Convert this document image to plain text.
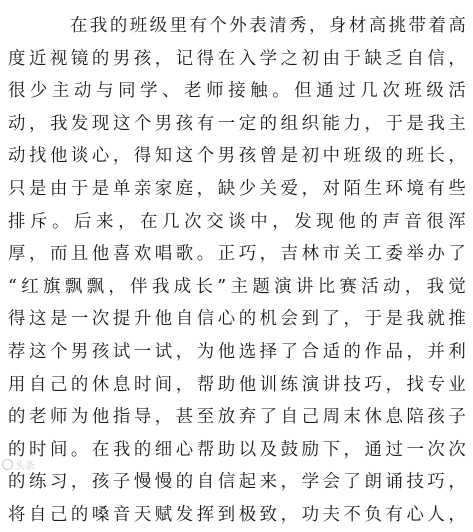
在我的班级里有个外表清秀，身材高挑带着高
度近视镜的男孩，记得在入学之初由于缺乏自信，
很少主动与同学、老师接触。但通过几次班级活
动，我发现这个男孩有一定的组织能力，于是我主
动找他谈心，得知这个男孩曾是初中班级的班长，
只是由于是单亲家庭，缺少关爱，对陌生环境有些
排斥。后来，在几次交谈中，发现他的声音很浑
厚，而且他喜欢唱歌。正巧，吉林市关工委举办了
“红旗飘飘，伴我成长”主题演讲比赛活动，我觉
得这是一次提升他自信心的机会到了，于是我就推
荐这个男孩试一试，为他选择了合适的作品，并利
用自己的休息时间，帮助他训练演讲技巧，找专业
的老师为他指导，甚至放弃了自己周末休息陪孩子
的时间。在我的细心帮助以及鼓励下，通过一次次
的练习，孩子慢慢的自信起来，学会了朗诵技巧，
将自己的嗓音天赋发挥到极致，功夫不负有心人，
头条
